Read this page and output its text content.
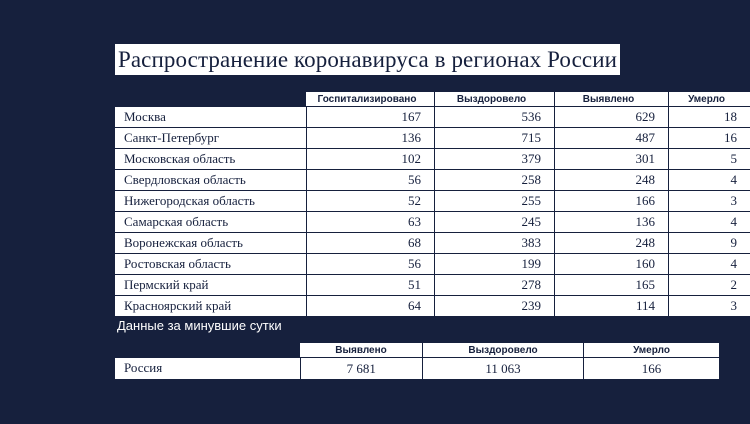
Распространение коронавируса в регионах России
	Госпитализировано	Выздоровело	Выявлено	Умерло
Москва	167	536	629	18
Санкт-Петербург	136	715	487	16
Московская область	102	379	301	5
Свердловская область	56	258	248	4
Нижегородская область	52	255	166	3
Самарская область	63	245	136	4
Воронежская область	68	383	248	9
Ростовская область	56	199	160	4
Пермский край	51	278	165	2
Красноярский край	64	239	114	3
Данные за минувшие сутки
	Выявлено	Выздоровело	Умерло
Россия	7 681	11 063	166
